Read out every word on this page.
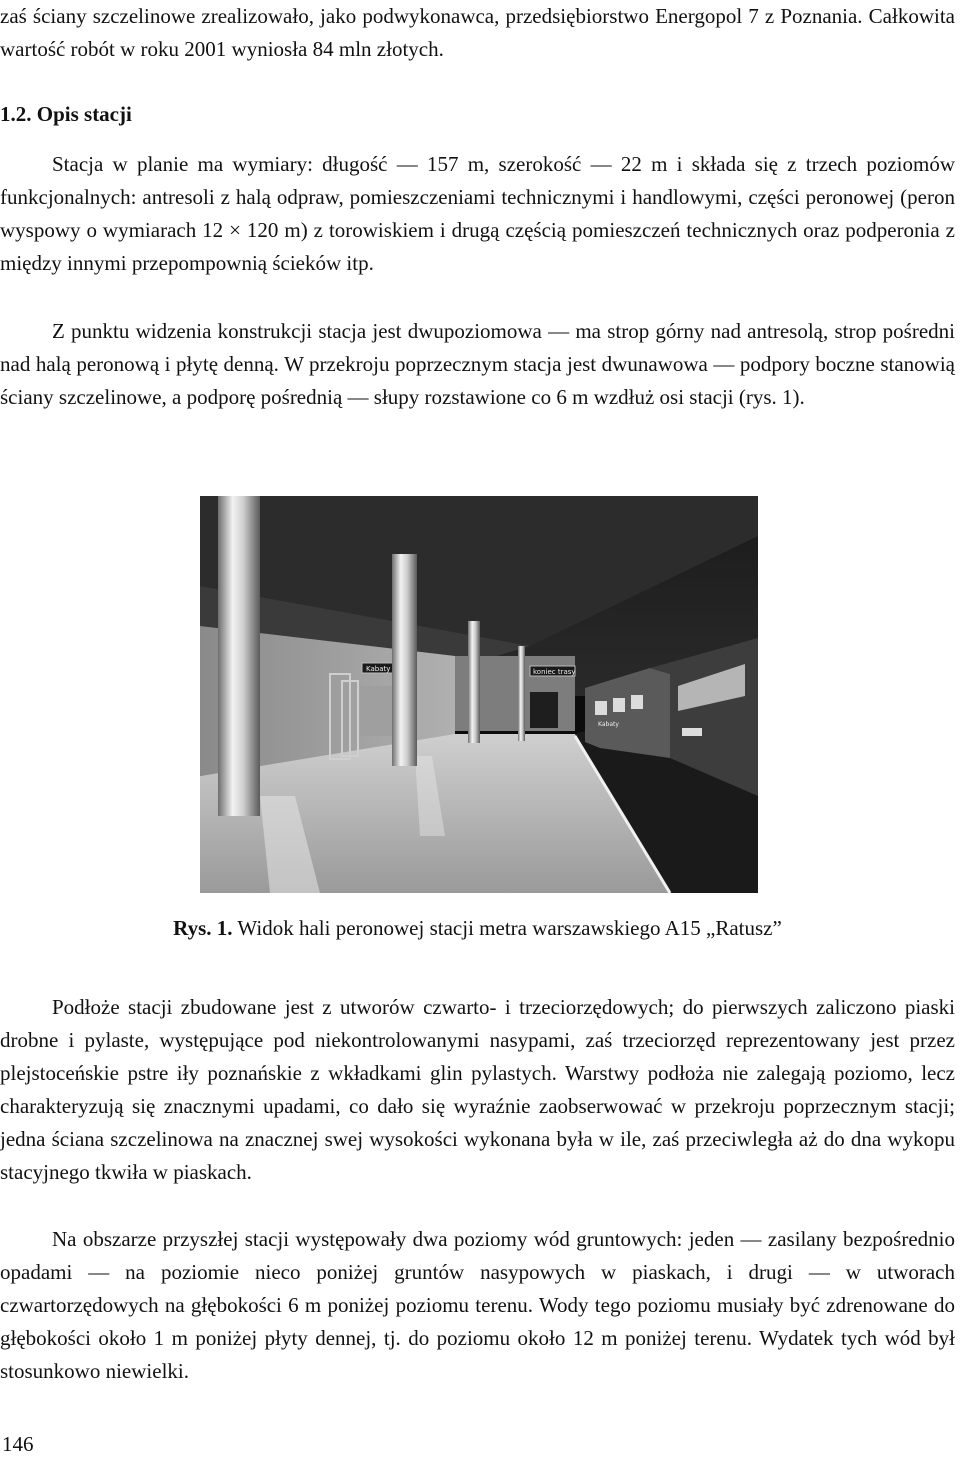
zaś ściany szczelinowe zrealizowało, jako podwykonawca, przedsiębiorstwo Energopol 7 z Poznania. Całkowita wartość robót w roku 2001 wyniosła 84 mln złotych.

1.2. Opis stacji

Stacja w planie ma wymiary: długość — 157 m, szerokość — 22 m i składa się z trzech poziomów funkcjonalnych: antresoli z halą odpraw, pomieszczeniami technicznymi i handlowymi, części peronowej (peron wyspowy o wymiarach 12 × 120 m) z torowiskiem i drugą częścią pomieszczeń technicznych oraz podperonia z między innymi przepompownią ścieków itp.

Z punktu widzenia konstrukcji stacja jest dwupoziomowa — ma strop górny nad antresolą, strop pośredni nad halą peronową i płytę denną. W przekroju poprzecznym stacja jest dwunawowa — podpory boczne stanowią ściany szczelinowe, a podporę pośrednią — słupy rozstawione co 6 m wzdłuż osi stacji (rys. 1).

Kabaty	koniec trasy
Kabaty

Rys. 1. Widok hali peronowej stacji metra warszawskiego A15 „Ratusz”

Podłoże stacji zbudowane jest z utworów czwarto- i trzeciorzędowych; do pierwszych zaliczono piaski drobne i pylaste, występujące pod niekontrolowanymi nasypami, zaś trzeciorzęd reprezentowany jest przez plejstoceńskie pstre iły poznańskie z wkładkami glin pylastych. Warstwy podłoża nie zalegają poziomo, lecz charakteryzują się znacznymi upadami, co dało się wyraźnie zaobserwować w przekroju poprzecznym stacji; jedna ściana szczelinowa na znacznej swej wysokości wykonana była w ile, zaś przeciwległa aż do dna wykopu stacyjnego tkwiła w piaskach.

Na obszarze przyszłej stacji występowały dwa poziomy wód gruntowych: jeden — zasilany bezpośrednio opadami — na poziomie nieco poniżej gruntów nasypowych w piaskach, i drugi — w utworach czwartorzędowych na głębokości 6 m poniżej poziomu terenu. Wody tego poziomu musiały być zdrenowane do głębokości około 1 m poniżej płyty dennej, tj. do poziomu około 12 m poniżej terenu. Wydatek tych wód był stosunkowo niewielki.

146
